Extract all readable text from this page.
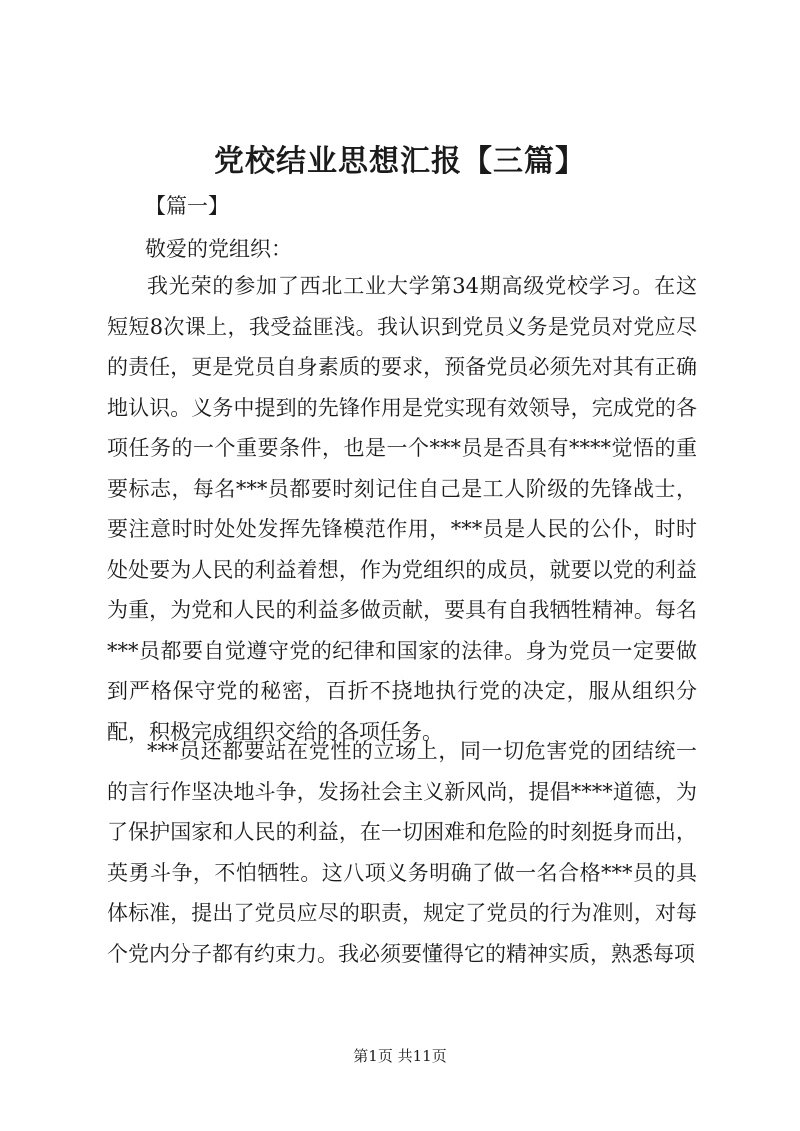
党校结业思想汇报【三篇】
【篇一】
敬爱的党组织：

我光荣的参加了西北工业大学第34期高级党校学习。在这短短8次课上，我受益匪浅。我认识到党员义务是党员对党应尽的责任，更是党员自身素质的要求，预备党员必须先对其有正确地认识。义务中提到的先锋作用是党实现有效领导，完成党的各项任务的一个重要条件，也是一个***员是否具有****觉悟的重要标志，每名***员都要时刻记住自己是工人阶级的先锋战士，要注意时时处处发挥先锋模范作用，***员是人民的公仆，时时处处要为人民的利益着想，作为党组织的成员，就要以党的利益为重，为党和人民的利益多做贡献，要具有自我牺牲精神。每名***员都要自觉遵守党的纪律和国家的法律。身为党员一定要做到严格保守党的秘密，百折不挠地执行党的决定，服从组织分配，积极完成组织交给的各项任务。

***员还都要站在党性的立场上，同一切危害党的团结统一的言行作坚决地斗争，发扬社会主义新风尚，提倡****道德，为了保护国家和人民的利益，在一切困难和危险的时刻挺身而出，英勇斗争，不怕牺牲。这八项义务明确了做一名合格***员的具体标准，提出了党员应尽的职责，规定了党员的行为准则，对每个党内分子都有约束力。我必须要懂得它的精神实质，熟悉每项

第1页 共11页
